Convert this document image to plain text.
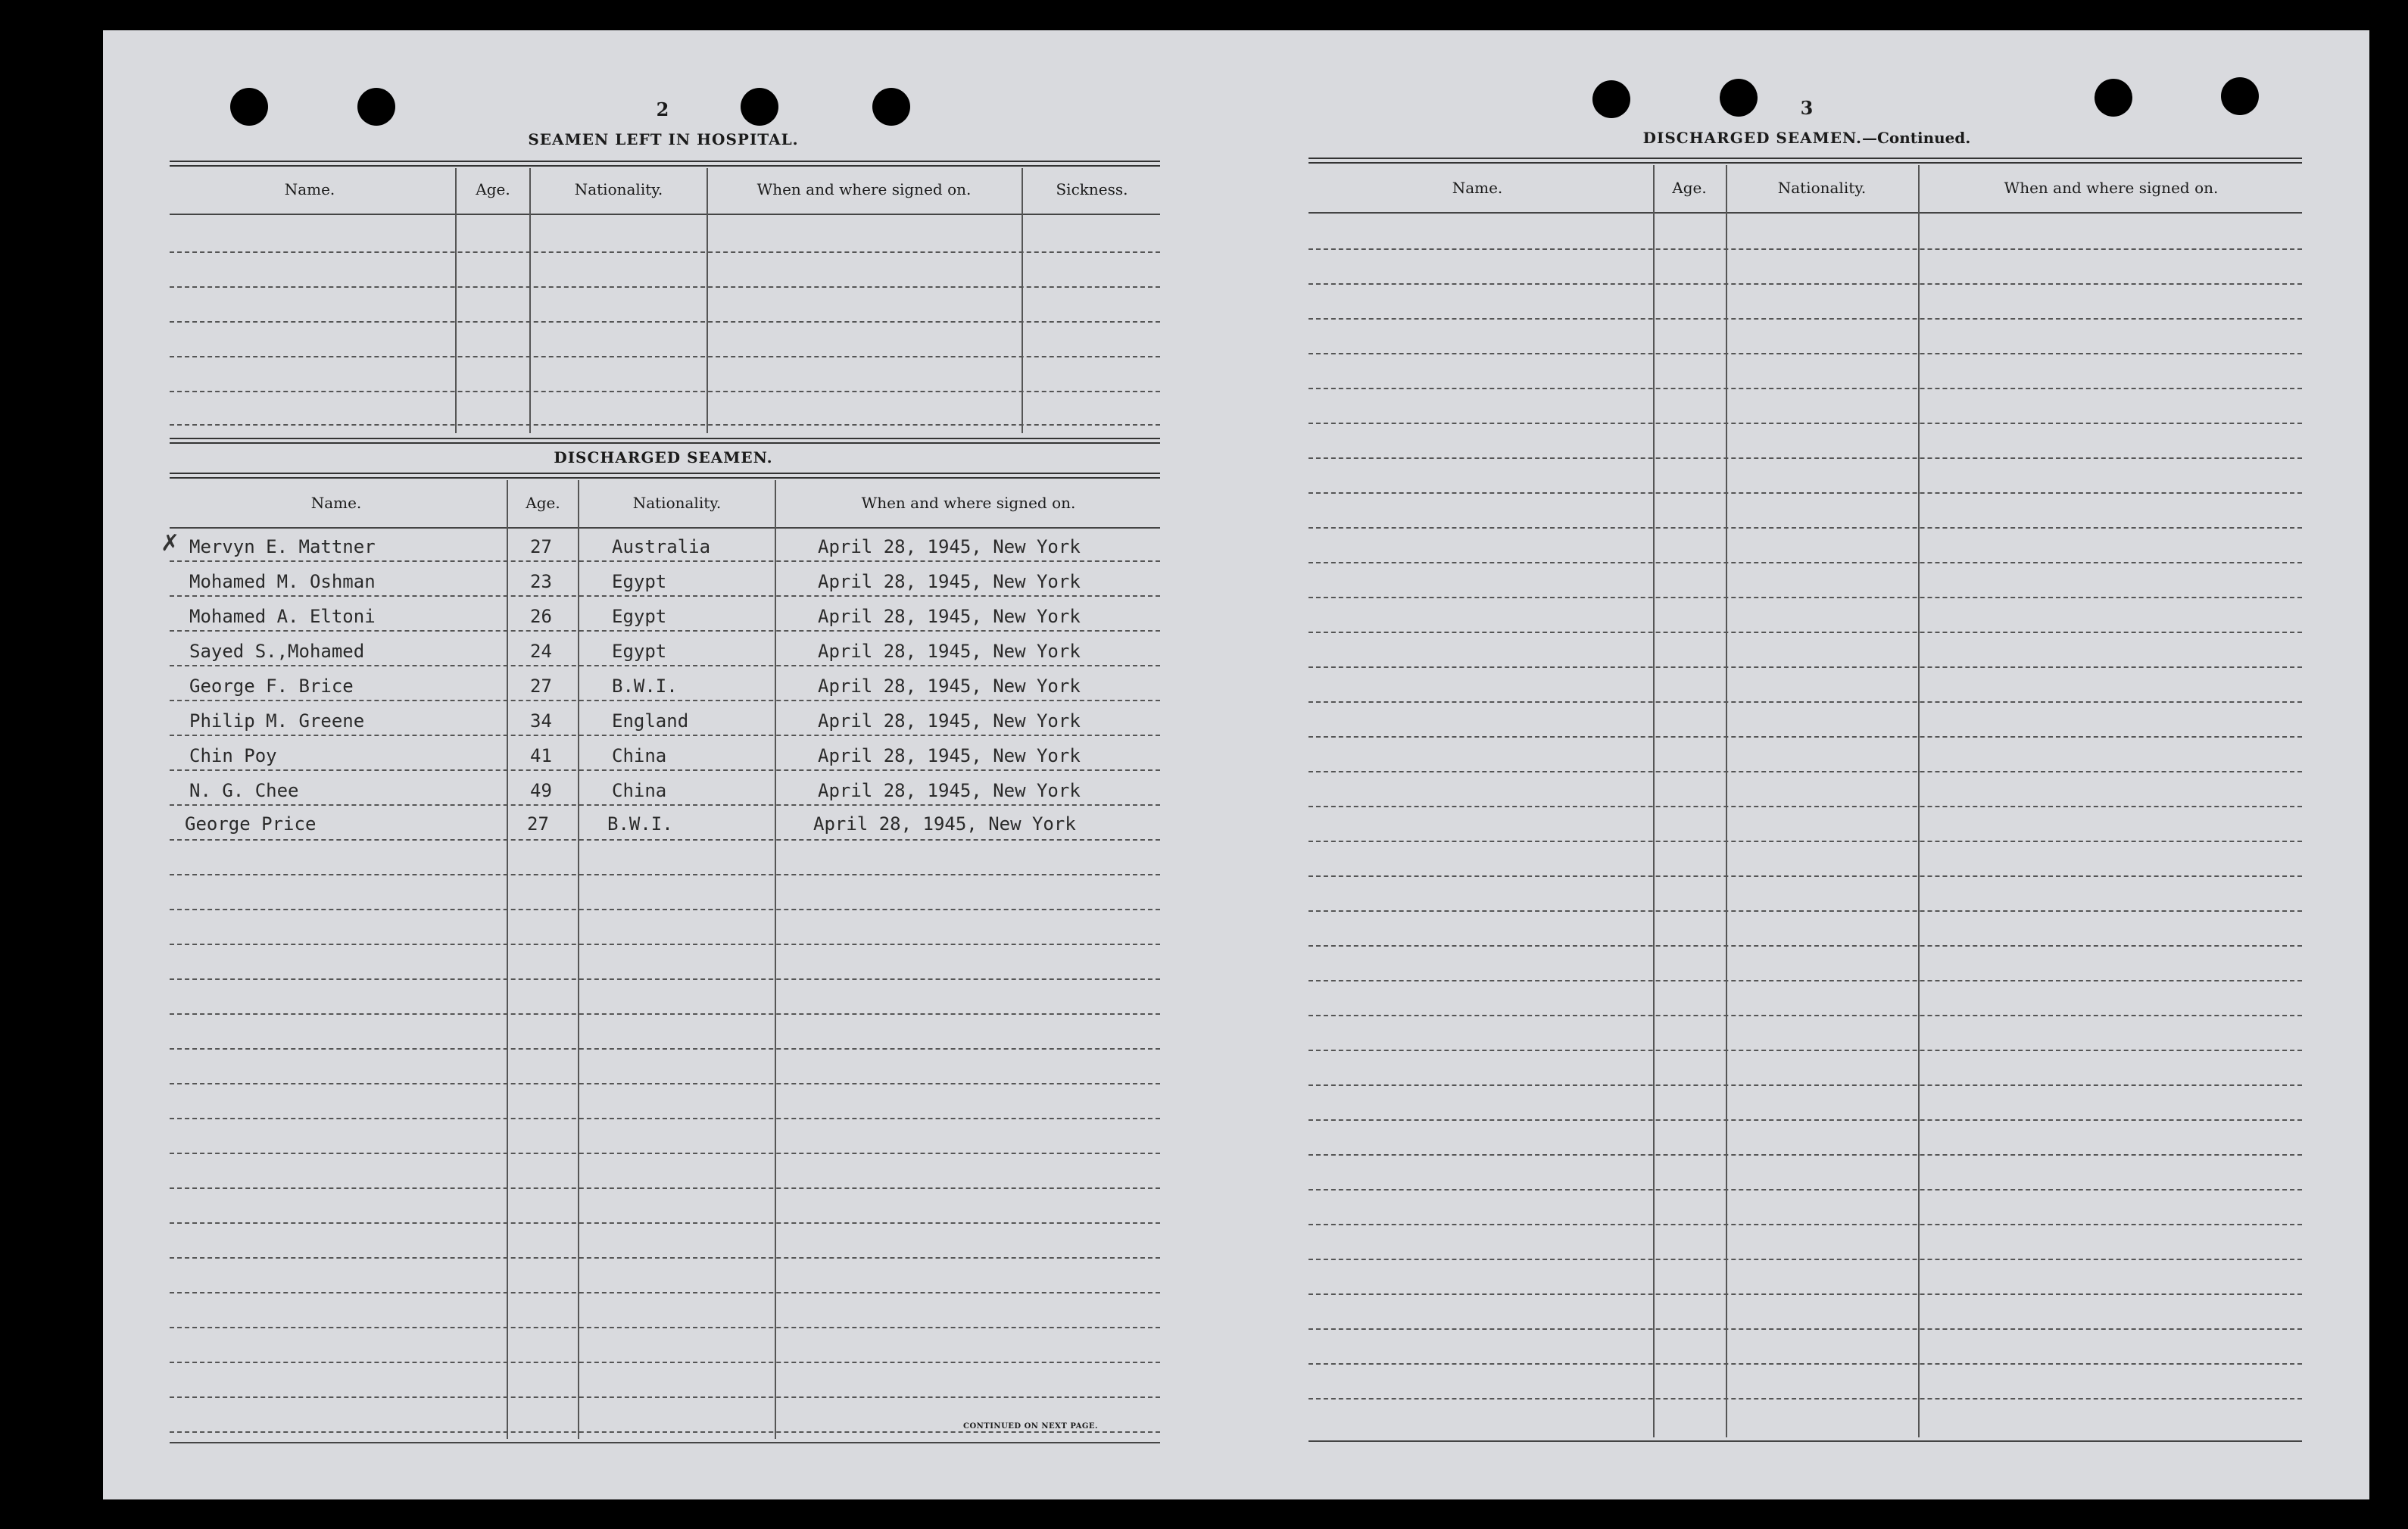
2
SEAMEN LEFT IN HOSPITAL.
Name.	Age.	Nationality.	When and where signed on.	Sickness.
DISCHARGED SEAMEN.
Name.	Age.	Nationality.	When and where signed on.
✗ Mervyn E. Mattner	27	Australia	April 28, 1945, New York
Mohamed M. Oshman	23	Egypt	April 28, 1945, New York
Mohamed A. Eltoni	26	Egypt	April 28, 1945, New York
Sayed S.,Mohamed	24	Egypt	April 28, 1945, New York
George F. Brice	27	B.W.I.	April 28, 1945, New York
Philip M. Greene	34	England	April 28, 1945, New York
Chin Poy	41	China	April 28, 1945, New York
N. G. Chee	49	China	April 28, 1945, New York
George Price	27	B.W.I.	April 28, 1945, New York
CONTINUED ON NEXT PAGE.
3
DISCHARGED SEAMEN.—Continued.
Name.	Age.	Nationality.	When and where signed on.
